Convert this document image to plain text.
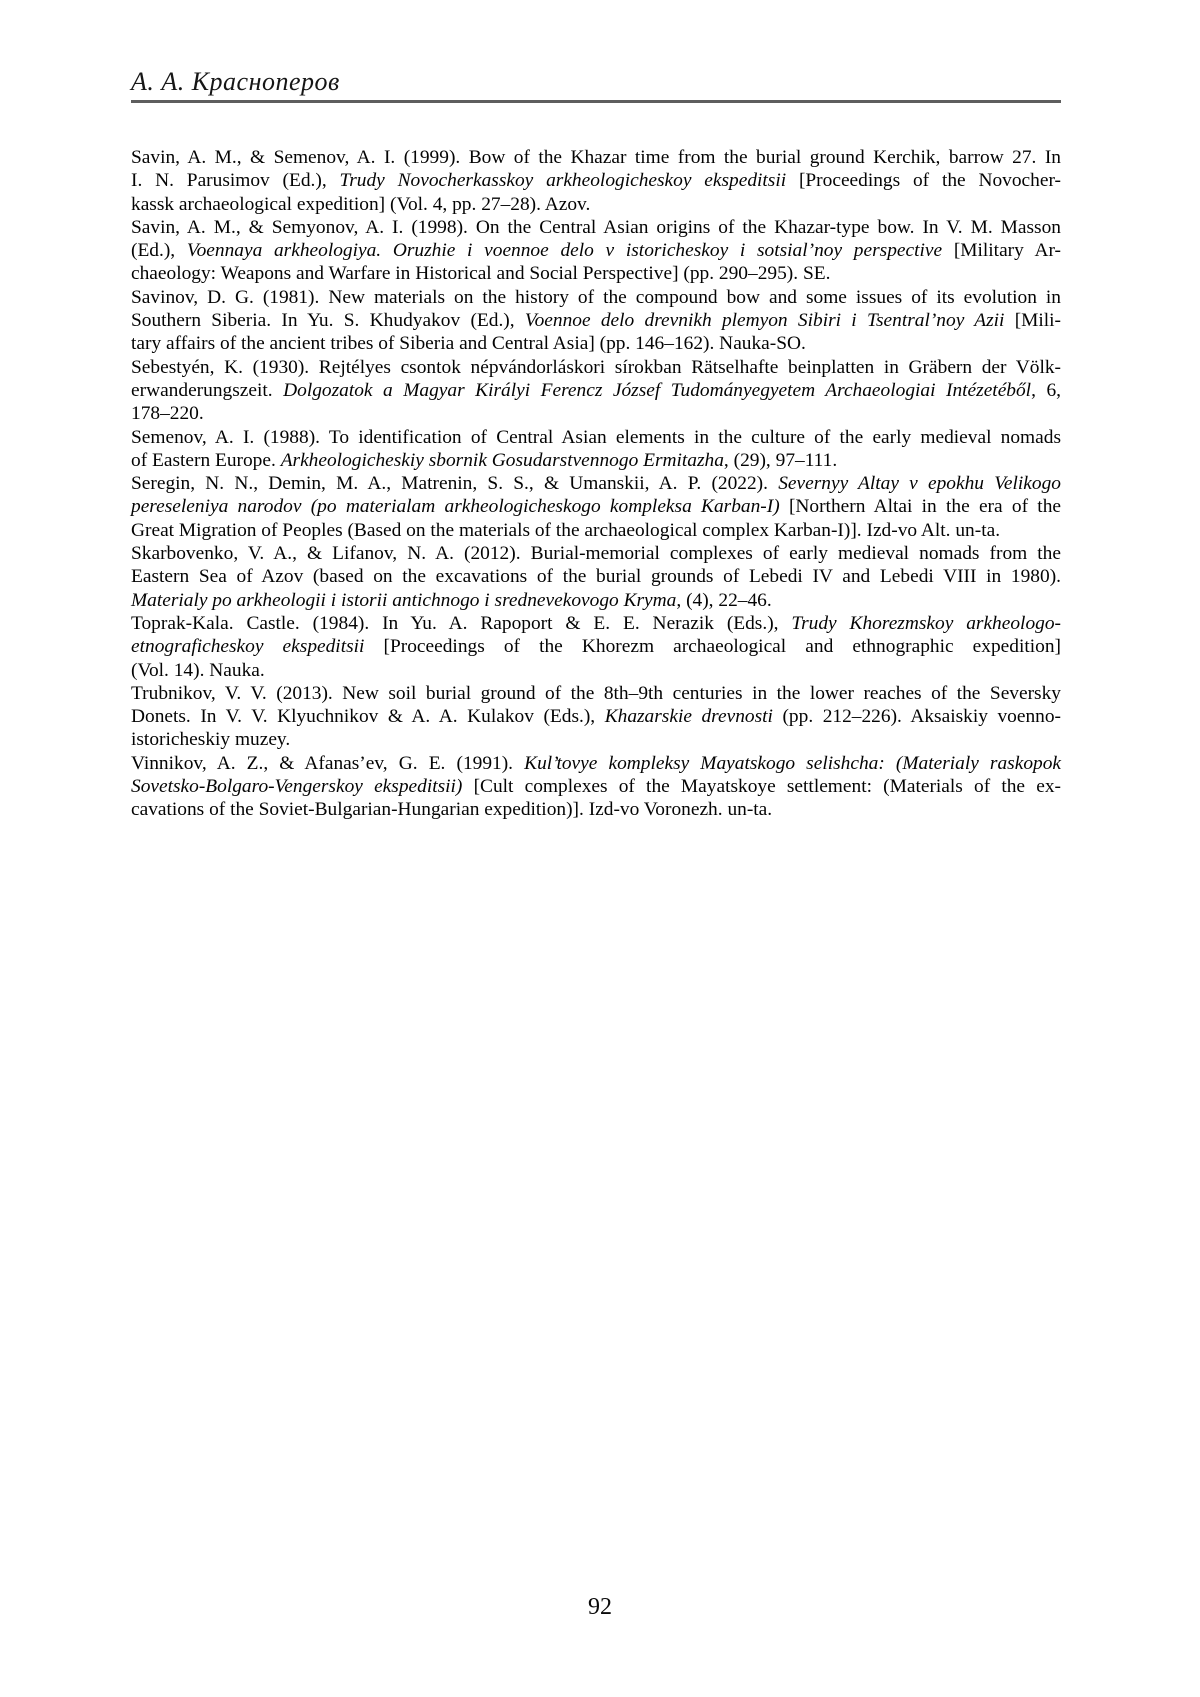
А. А. Красноперов
Savin, A. M., & Semenov, A. I. (1999). Bow of the Khazar time from the burial ground Kerchik, barrow 27. In
I. N. Parusimov (Ed.), Trudy Novocherkasskoy arkheologicheskoy ekspeditsii [Proceedings of the Novocher-
kassk archaeological expedition] (Vol. 4, pp. 27–28). Azov.
Savin, A. M., & Semyonov, A. I. (1998). On the Central Asian origins of the Khazar-type bow. In V. M. Masson
(Ed.), Voennaya arkheologiya. Oruzhie i voennoe delo v istoricheskoy i sotsial’noy perspective [Military Ar-
chaeology: Weapons and Warfare in Historical and Social Perspective] (pp. 290–295). SE.
Savinov, D. G. (1981). New materials on the history of the compound bow and some issues of its evolution in
Southern Siberia. In Yu. S. Khudyakov (Ed.), Voennoe delo drevnikh plemyon Sibiri i Tsentral’noy Azii [Mili-
tary affairs of the ancient tribes of Siberia and Central Asia] (pp. 146–162). Nauka-SO.
Sebestyén, K. (1930). Rejtélyes csontok népvándorláskori sírokban Rätselhafte beinplatten in Gräbern der Völk-
erwanderungszeit. Dolgozatok a Magyar Királyi Ferencz József Tudományegyetem Archaeologiai Intézetéből, 6,
178–220.
Semenov, A. I. (1988). To identification of Central Asian elements in the culture of the early medieval nomads
of Eastern Europe. Arkheologicheskiy sbornik Gosudarstvennogo Ermitazha, (29), 97–111.
Seregin, N. N., Demin, M. A., Matrenin, S. S., & Umanskii, A. P. (2022). Severnyy Altay v epokhu Velikogo
pereseleniya narodov (po materialam arkheologicheskogo kompleksa Karban-I) [Northern Altai in the era of the
Great Migration of Peoples (Based on the materials of the archaeological complex Karban-I)]. Izd-vo Alt. un-ta.
Skarbovenko, V. A., & Lifanov, N. A. (2012). Burial-memorial complexes of early medieval nomads from the
Eastern Sea of Azov (based on the excavations of the burial grounds of Lebedi IV and Lebedi VIII in 1980).
Materialy po arkheologii i istorii antichnogo i srednevekovogo Kryma, (4), 22–46.
Toprak-Kala. Castle. (1984). In Yu. A. Rapoport & E. E. Nerazik (Eds.), Trudy Khorezmskoy arkheologo-
etnograficheskoy ekspeditsii [Proceedings of the Khorezm archaeological and ethnographic expedition]
(Vol. 14). Nauka.
Trubnikov, V. V. (2013). New soil burial ground of the 8th–9th centuries in the lower reaches of the Seversky
Donets. In V. V. Klyuchnikov & A. A. Kulakov (Eds.), Khazarskie drevnosti (pp. 212–226). Aksaiskiy voenno-
istoricheskiy muzey.
Vinnikov, A. Z., & Afanas’ev, G. E. (1991). Kul’tovye kompleksy Mayatskogo selishcha: (Materialy raskopok
Sovetsko-Bolgaro-Vengerskoy ekspeditsii) [Cult complexes of the Mayatskoye settlement: (Materials of the ex-
cavations of the Soviet-Bulgarian-Hungarian expedition)]. Izd-vo Voronezh. un-ta.
92
